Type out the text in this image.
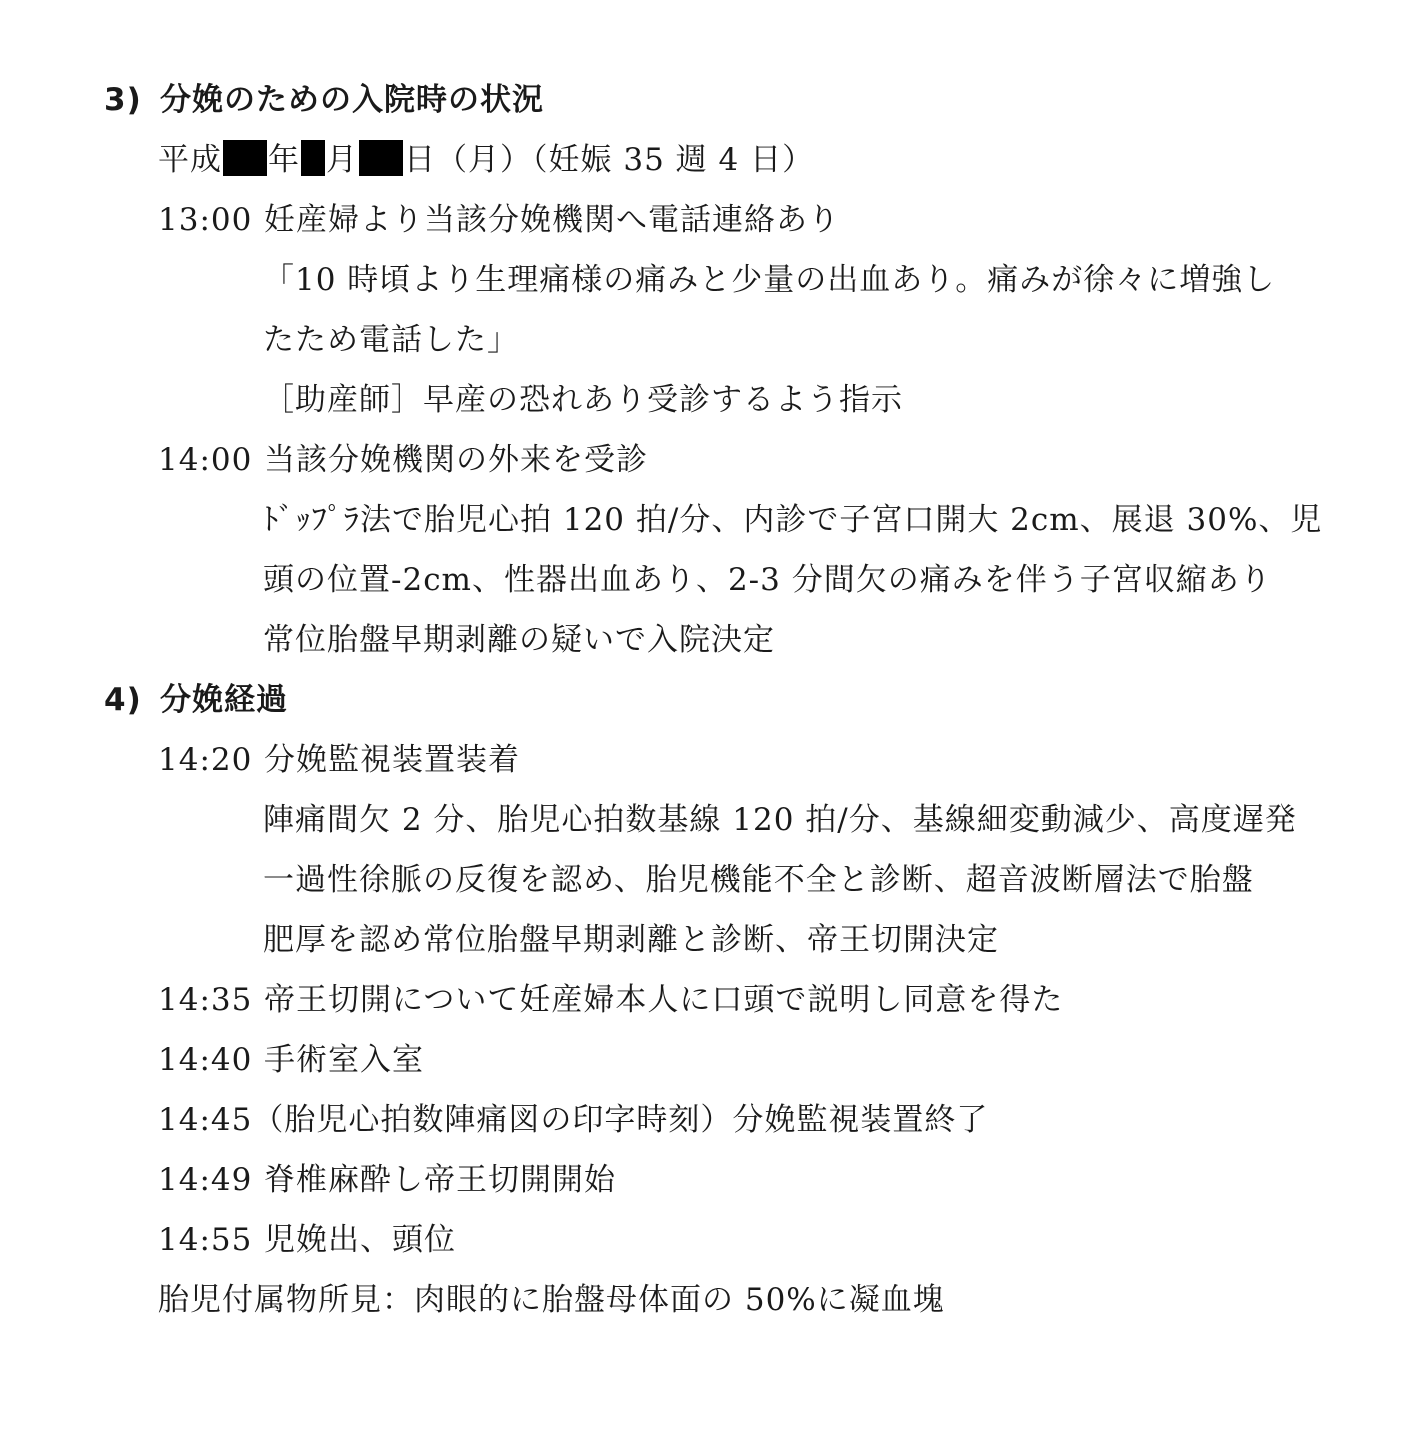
3) 分娩のための入院時の状況
平成 年 月 日（月）（妊娠 35 週 4 日）
13:00 妊産婦より当該分娩機関へ電話連絡あり
「10 時頃より生理痛様の痛みと少量の出血あり。痛みが徐々に増強し
たため電話した」
［助産師］早産の恐れあり受診するよう指示
14:00 当該分娩機関の外来を受診
ﾄﾞｯﾌﾟﾗ法で胎児心拍 120 拍/分、内診で子宮口開大 2cm、展退 30%、児
頭の位置-2cm、性器出血あり、2-3 分間欠の痛みを伴う子宮収縮あり
常位胎盤早期剥離の疑いで入院決定
4) 分娩経過
14:20 分娩監視装置装着
陣痛間欠 2 分、胎児心拍数基線 120 拍/分、基線細変動減少、高度遅発
一過性徐脈の反復を認め、胎児機能不全と診断、超音波断層法で胎盤
肥厚を認め常位胎盤早期剥離と診断、帝王切開決定
14:35 帝王切開について妊産婦本人に口頭で説明し同意を得た
14:40 手術室入室
14:45（胎児心拍数陣痛図の印字時刻）分娩監視装置終了
14:49 脊椎麻酔し帝王切開開始
14:55 児娩出、頭位
胎児付属物所見：肉眼的に胎盤母体面の 50%に凝血塊
